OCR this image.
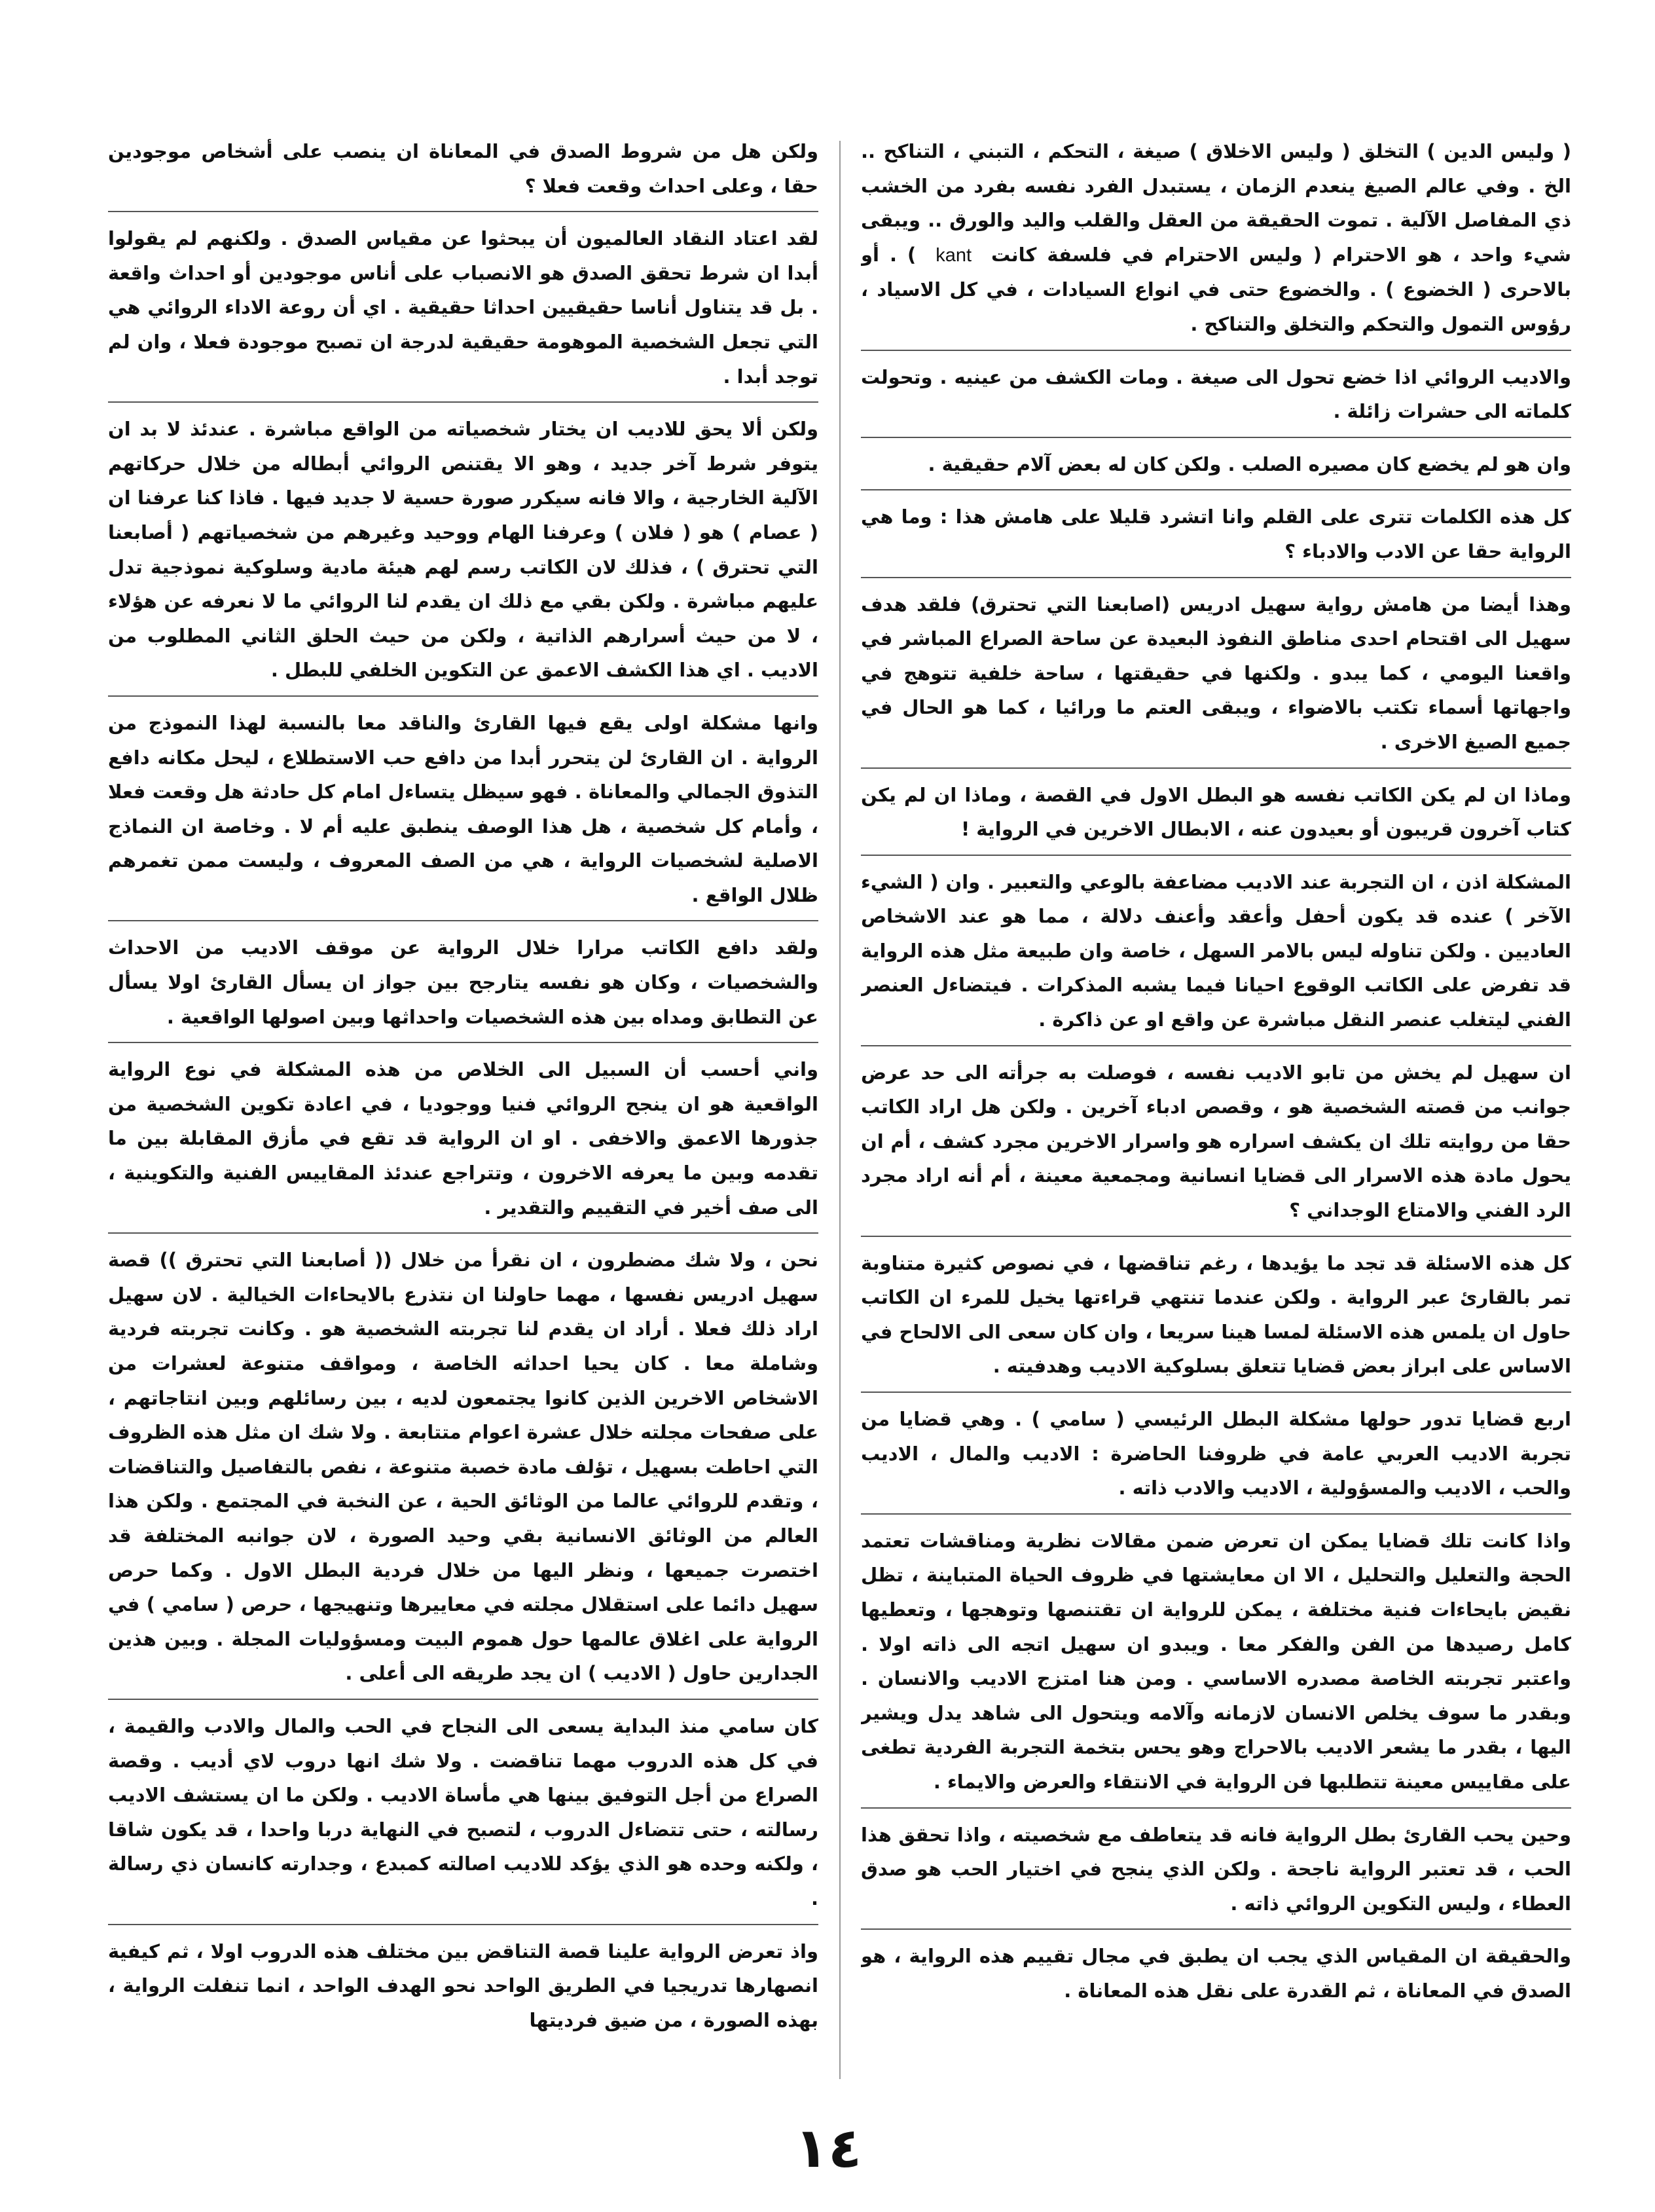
( وليس الدين ) التخلق ( وليس الاخلاق ) صيغة ، التحكم ، التبني ، التناكح .. الخ . وفي عالم الصيغ ينعدم الزمان ، يستبدل الفرد نفسه بفرد من الخشب ذي المفاصل الآلية . تموت الحقيقة من العقل والقلب واليد والورق .. ويبقى شيء واحد ، هو الاحترام ( وليس الاحترام في فلسفة كانتkant) . أو بالاحرى ( الخضوع ) . والخضوع حتى في انواع السيادات ، في كل الاسياد ، رؤوس التمول والتحكم والتخلق والتناكح .

والاديب الروائي اذا خضع تحول الى صيغة . ومات الكشف من عينيه . وتحولت كلماته الى حشرات زائلة .

وان هو لم يخضع كان مصيره الصلب . ولكن كان له بعض آلام حقيقية .

كل هذه الكلمات تترى على القلم وانا اتشرد قليلا على هامش هذا : وما هي الرواية حقا عن الادب والادباء ؟

وهذا أيضا من هامش رواية سهيل ادريس (اصابعنا التي تحترق) فلقد هدف سهيل الى اقتحام احدى مناطق النفوذ البعيدة عن ساحة الصراع المباشر في واقعنا اليومي ، كما يبدو . ولكنها في حقيقتها ، ساحة خلفية تتوهج في واجهاتها أسماء تكتب بالاضواء ، ويبقى العتم ما ورائيا ، كما هو الحال في جميع الصيغ الاخرى .

وماذا ان لم يكن الكاتب نفسه هو البطل الاول في القصة ، وماذا ان لم يكن كتاب آخرون قريبون أو بعيدون عنه ، الابطال الاخرين في الرواية !

المشكلة اذن ، ان التجربة عند الاديب مضاعفة بالوعي والتعبير . وان ( الشيء الآخر ) عنده قد يكون أحفل وأعقد وأعنف دلالة ، مما هو عند الاشخاص العاديين . ولكن تناوله ليس بالامر السهل ، خاصة وان طبيعة مثل هذه الرواية قد تفرض على الكاتب الوقوع احيانا فيما يشبه المذكرات . فيتضاءل العنصر الفني ليتغلب عنصر النقل مباشرة عن واقع او عن ذاكرة .

ان سهيل لم يخش من تابو الاديب نفسه ، فوصلت به جرأته الى حد عرض جوانب من قصته الشخصية هو ، وقصص ادباء آخرين . ولكن هل اراد الكاتب حقا من روايته تلك ان يكشف اسراره هو واسرار الاخرين مجرد كشف ، أم ان يحول مادة هذه الاسرار الى قضايا انسانية ومجمعية معينة ، أم أنه اراد مجرد الرد الفني والامتاع الوجداني ؟

كل هذه الاسئلة قد تجد ما يؤيدها ، رغم تناقضها ، في نصوص كثيرة متناوبة تمر بالقارئ عبر الرواية . ولكن عندما تنتهي قراءتها يخيل للمرء ان الكاتب حاول ان يلمس هذه الاسئلة لمسا هينا سريعا ، وان كان سعى الى الالحاح في الاساس على ابراز بعض قضايا تتعلق بسلوكية الاديب وهدفيته .

اربع قضايا تدور حولها مشكلة البطل الرئيسي ( سامي ) . وهي قضايا من تجربة الاديب العربي عامة في ظروفنا الحاضرة : الاديب والمال ، الاديب والحب ، الاديب والمسؤولية ، الاديب والادب ذاته .

واذا كانت تلك قضايا يمكن ان تعرض ضمن مقالات نظرية ومناقشات تعتمد الحجة والتعليل والتحليل ، الا ان معايشتها في ظروف الحياة المتباينة ، تظل نقيض بايحاءات فنية مختلفة ، يمكن للرواية ان تقتنصها وتوهجها ، وتعطيها كامل رصيدها من الفن والفكر معا . ويبدو ان سهيل اتجه الى ذاته اولا . واعتبر تجربته الخاصة مصدره الاساسي . ومن هنا امتزج الاديب والانسان . وبقدر ما سوف يخلص الانسان لازمانه وآلامه ويتحول الى شاهد يدل ويشير اليها ، بقدر ما يشعر الاديب بالاحراج وهو يحس بتخمة التجربة الفردية تطغى على مقاييس معينة تتطلبها فن الرواية في الانتقاء والعرض والايماء .

وحين يحب القارئ بطل الرواية فانه قد يتعاطف مع شخصيته ، واذا تحقق هذا الحب ، قد تعتبر الرواية ناجحة . ولكن الذي ينجح في اختيار الحب هو صدق العطاء ، وليس التكوين الروائي ذاته .

والحقيقة ان المقياس الذي يجب ان يطبق في مجال تقييم هذه الرواية ، هو الصدق في المعاناة ، ثم القدرة على نقل هذه المعاناة .

ولكن هل من شروط الصدق في المعاناة ان ينصب على أشخاص موجودين حقا ، وعلى احداث وقعت فعلا ؟

لقد اعتاد النقاد العالميون أن يبحثوا عن مقياس الصدق . ولكنهم لم يقولوا أبدا ان شرط تحقق الصدق هو الانصباب على أناس موجودين أو احداث واقعة . بل قد يتناول أناسا حقيقيين احداثا حقيقية . اي أن روعة الاداء الروائي هي التي تجعل الشخصية الموهومة حقيقية لدرجة ان تصبح موجودة فعلا ، وان لم توجد أبدا .

ولكن ألا يحق للاديب ان يختار شخصياته من الواقع مباشرة . عندئذ لا بد ان يتوفر شرط آخر جديد ، وهو الا يقتنص الروائي أبطاله من خلال حركاتهم الآلية الخارجية ، والا فانه سيكرر صورة حسية لا جديد فيها . فاذا كنا عرفنا ان ( عصام ) هو ( فلان ) وعرفنا الهام ووحيد وغيرهم من شخصياتهم ( أصابعنا التي تحترق ) ، فذلك لان الكاتب رسم لهم هيئة مادية وسلوكية نموذجية تدل عليهم مباشرة . ولكن بقي مع ذلك ان يقدم لنا الروائي ما لا نعرفه عن هؤلاء ، لا من حيث أسرارهم الذاتية ، ولكن من حيث الحلق الثاني المطلوب من الاديب . اي هذا الكشف الاعمق عن التكوين الخلفي للبطل .

وانها مشكلة اولى يقع فيها القارئ والناقد معا بالنسبة لهذا النموذج من الرواية . ان القارئ لن يتحرر أبدا من دافع حب الاستطلاع ، ليحل مكانه دافع التذوق الجمالي والمعاناة . فهو سيظل يتساءل امام كل حادثة هل وقعت فعلا ، وأمام كل شخصية ، هل هذا الوصف ينطبق عليه أم لا . وخاصة ان النماذج الاصلية لشخصيات الرواية ، هي من الصف المعروف ، وليست ممن تغمرهم ظلال الواقع .

ولقد دافع الكاتب مرارا خلال الرواية عن موقف الاديب من الاحداث والشخصيات ، وكان هو نفسه يتارجح بين جواز ان يسأل القارئ اولا يسأل عن التطابق ومداه بين هذه الشخصيات واحداثها وبين اصولها الواقعية .

واني أحسب أن السبيل الى الخلاص من هذه المشكلة في نوع الرواية الواقعية هو ان ينجح الروائي فنيا ووجوديا ، في اعادة تكوين الشخصية من جذورها الاعمق والاخفى . او ان الرواية قد تقع في مأزق المقابلة بين ما تقدمه وبين ما يعرفه الاخرون ، وتتراجع عندئذ المقاييس الفنية والتكوينية ، الى صف أخير في التقييم والتقدير .

نحن ، ولا شك مضطرون ، ان نقرأ من خلال (( أصابعنا التي تحترق )) قصة سهيل ادريس نفسها ، مهما حاولنا ان نتذرع بالايحاءات الخيالية . لان سهيل اراد ذلك فعلا . أراد ان يقدم لنا تجربته الشخصية هو . وكانت تجربته فردية وشاملة معا . كان يحيا احداثه الخاصة ، ومواقف متنوعة لعشرات من الاشخاص الاخرين الذين كانوا يجتمعون لديه ، بين رسائلهم وبين انتاجاتهم ، على صفحات مجلته خلال عشرة اعوام متتابعة . ولا شك ان مثل هذه الظروف التي احاطت بسهيل ، تؤلف مادة خصبة متنوعة ، نفص بالتفاصيل والتناقضات ، وتقدم للروائي عالما من الوثائق الحية ، عن النخبة في المجتمع . ولكن هذا العالم من الوثائق الانسانية بقي وحيد الصورة ، لان جوانبه المختلفة قد اختصرت جميعها ، ونظر اليها من خلال فردية البطل الاول . وكما حرص سهيل دائما على استقلال مجلته في معاييرها وتنهيجها ، حرص ( سامي ) في الرواية على اغلاق عالمها حول هموم البيت ومسؤوليات المجلة . وبين هذين الجدارين حاول ( الاديب ) ان يجد طريقه الى أعلى .

كان سامي منذ البداية يسعى الى النجاح في الحب والمال والادب والقيمة ، في كل هذه الدروب مهما تناقضت . ولا شك انها دروب لاي أديب . وقصة الصراع من أجل التوفيق بينها هي مأساة الاديب . ولكن ما ان يستشف الاديب رسالته ، حتى تتضاءل الدروب ، لتصبح في النهاية دربا واحدا ، قد يكون شاقا ، ولكنه وحده هو الذي يؤكد للاديب اصالته كمبدع ، وجدارته كانسان ذي رسالة .

واذ تعرض الرواية علينا قصة التناقض بين مختلف هذه الدروب اولا ، ثم كيفية انصهارها تدريجيا في الطريق الواحد نحو الهدف الواحد ، انما تنفلت الرواية ، بهذه الصورة ، من ضيق فرديتها

١٤
